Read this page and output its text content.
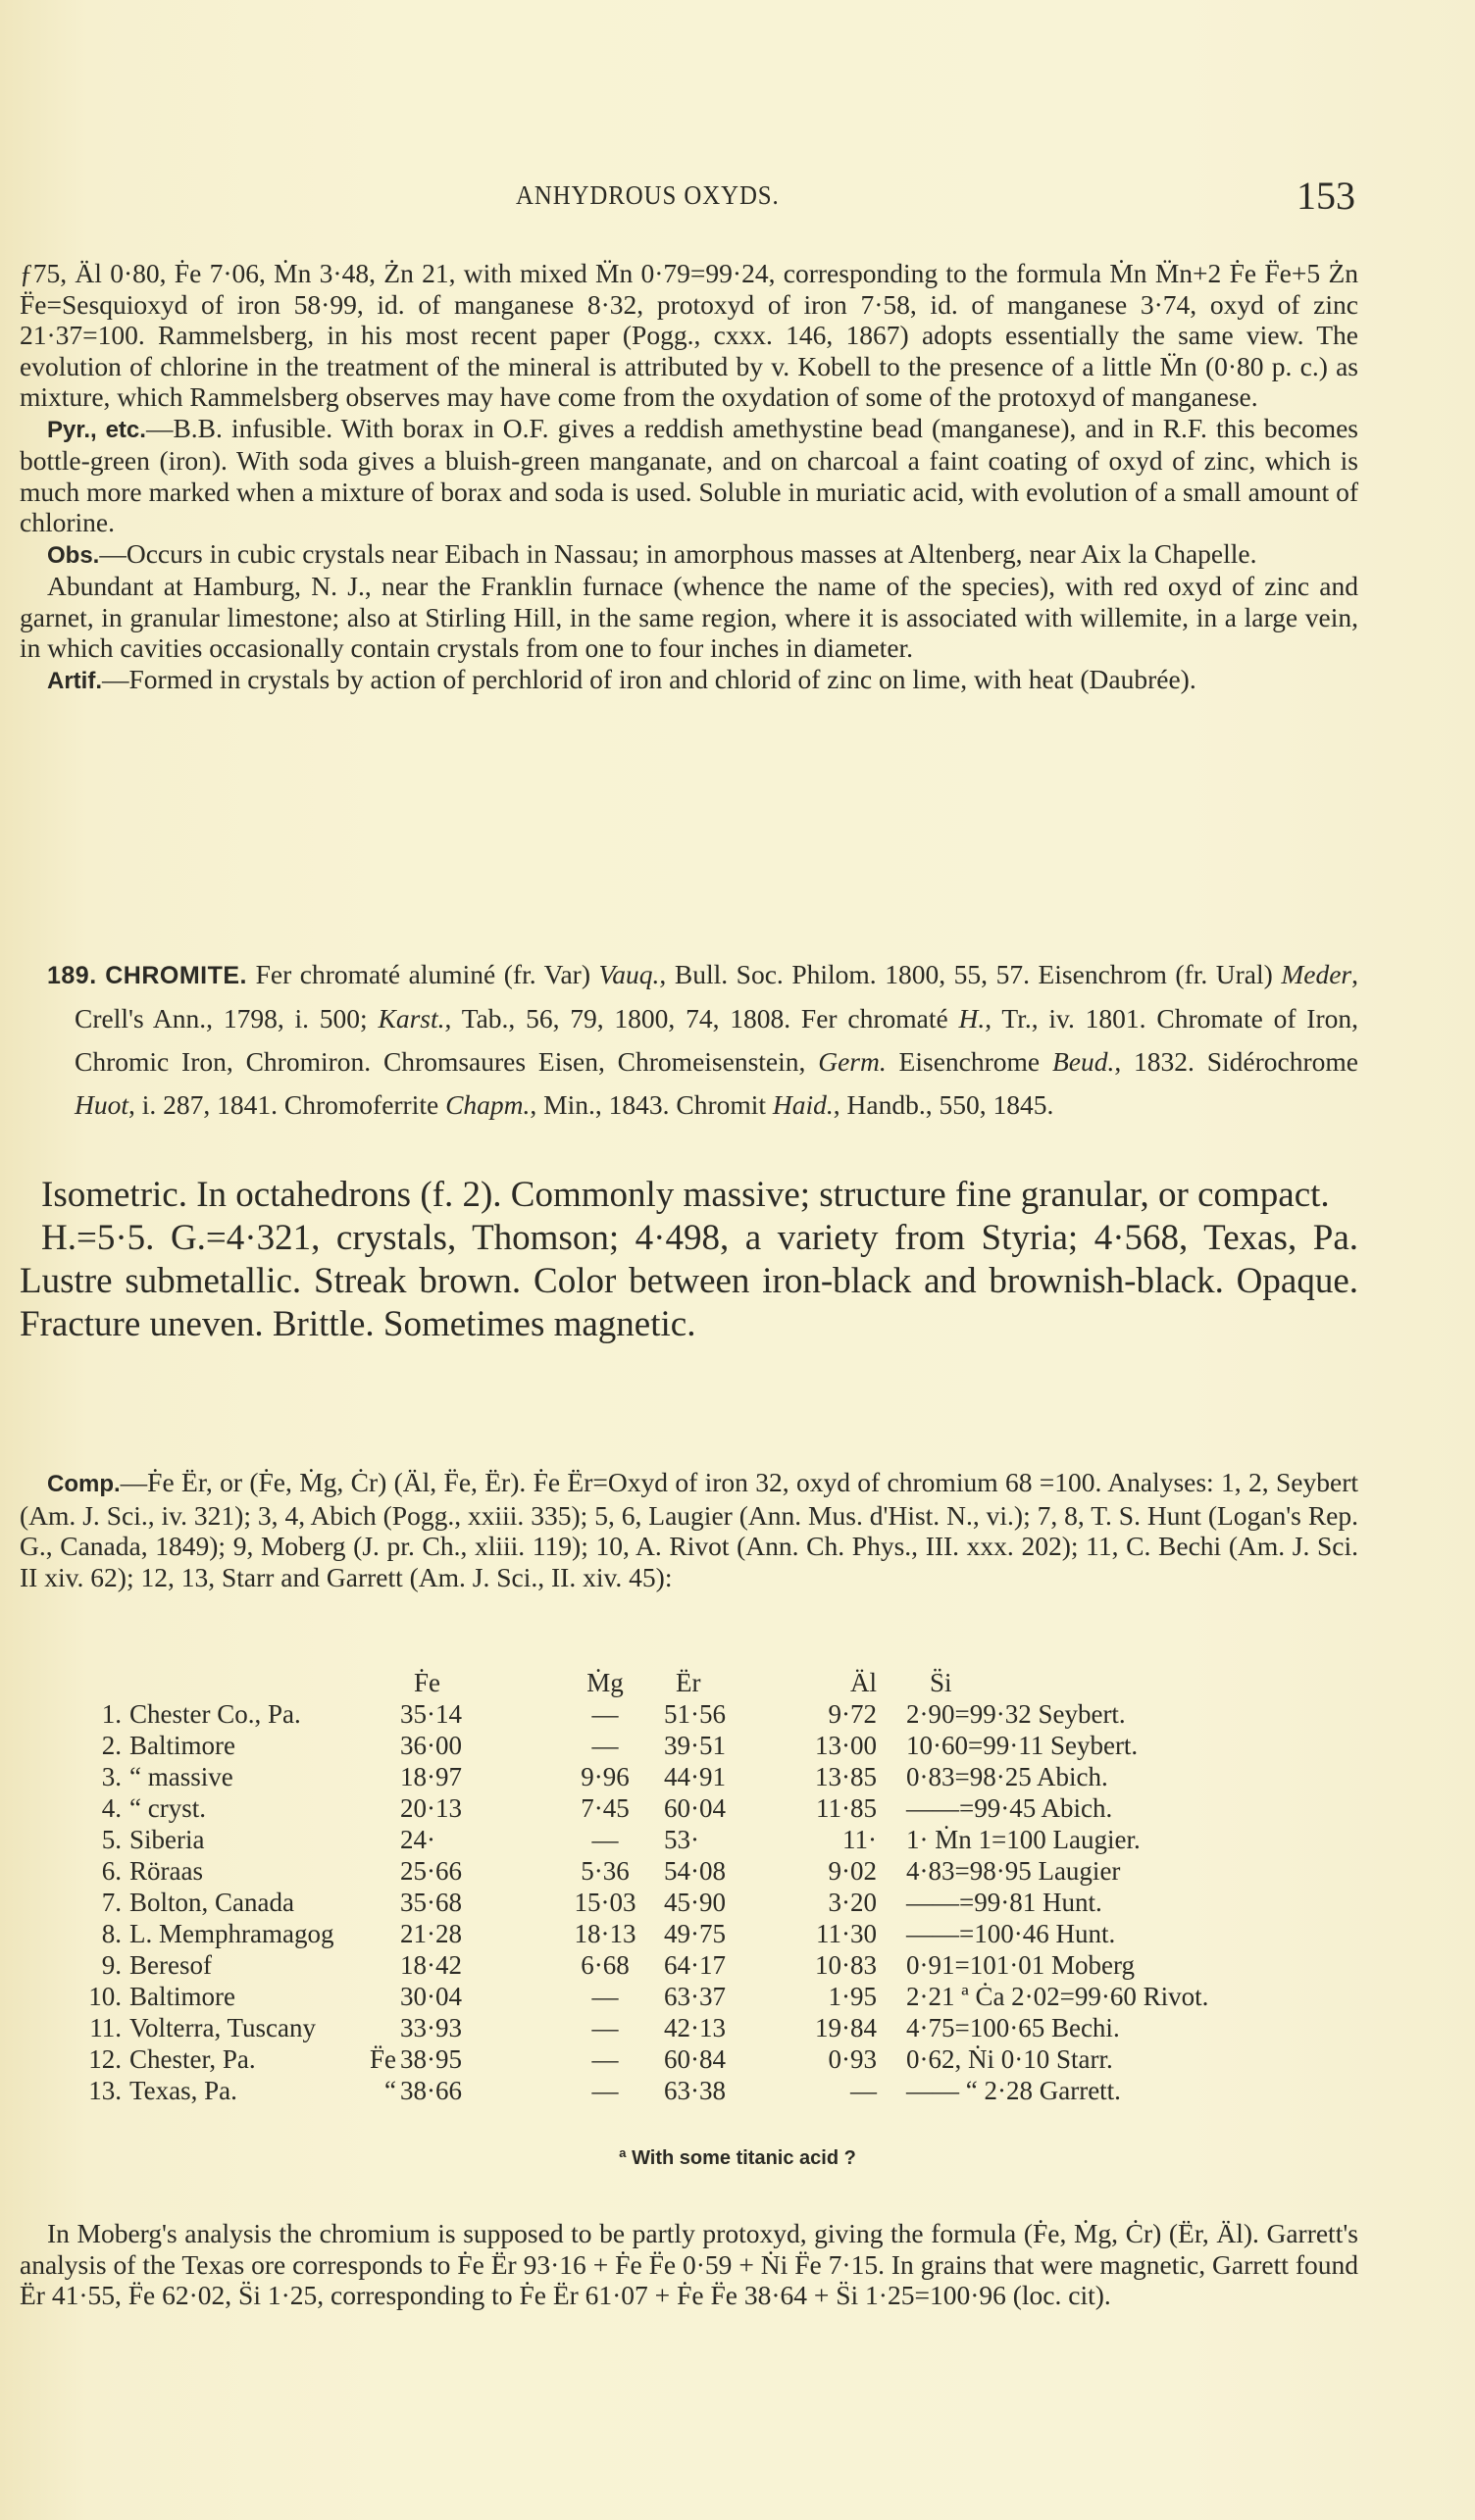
ANHYDROUS OXYDS.	153

ƒ75, Äl 0·80, Ḟe 7·06, Ṁn 3·48, Żn 21, with mixed M̈n 0·79=99·24, corresponding to the formula Ṁn M̈n+2 Ḟe F̈e+5 Żn F̈e=Sesquioxyd of iron 58·99, id. of manganese 8·32, protoxyd of iron 7·58, id. of manganese 3·74, oxyd of zinc 21·37=100. Rammelsberg, in his most recent paper (Pogg., cxxx. 146, 1867) adopts essentially the same view. The evolution of chlorine in the treatment of the mineral is attributed by v. Kobell to the presence of a little M̈n (0·80 p. c.) as mixture, which Rammelsberg observes may have come from the oxydation of some of the protoxyd of manganese.

Pyr., etc.—B.B. infusible. With borax in O.F. gives a reddish amethystine bead (manganese), and in R.F. this becomes bottle-green (iron). With soda gives a bluish-green manganate, and on charcoal a faint coating of oxyd of zinc, which is much more marked when a mixture of borax and soda is used. Soluble in muriatic acid, with evolution of a small amount of chlorine.

Obs.—Occurs in cubic crystals near Eibach in Nassau; in amorphous masses at Altenberg, near Aix la Chapelle.

Abundant at Hamburg, N. J., near the Franklin furnace (whence the name of the species), with red oxyd of zinc and garnet, in granular limestone; also at Stirling Hill, in the same region, where it is associated with willemite, in a large vein, in which cavities occasionally contain crystals from one to four inches in diameter.

Artif.—Formed in crystals by action of perchlorid of iron and chlorid of zinc on lime, with heat (Daubrée).

189. CHROMITE. Fer chromaté aluminé (fr. Var) Vauq., Bull. Soc. Philom. 1800, 55, 57. Eisenchrom (fr. Ural) Meder, Crell's Ann., 1798, i. 500; Karst., Tab., 56, 79, 1800, 74, 1808. Fer chromaté H., Tr., iv. 1801. Chromate of Iron, Chromic Iron, Chromiron. Chromsaures Eisen, Chromeisenstein, Germ. Eisenchrome Beud., 1832. Sidérochrome Huot, i. 287, 1841. Chromoferrite Chapm., Min., 1843. Chromit Haid., Handb., 550, 1845.

Isometric. In octahedrons (f. 2). Commonly massive; structure fine granular, or compact.

H.=5·5. G.=4·321, crystals, Thomson; 4·498, a variety from Styria; 4·568, Texas, Pa. Lustre submetallic. Streak brown. Color between iron-black and brownish-black. Opaque. Fracture uneven. Brittle. Sometimes magnetic.

Comp.—Ḟe Ër, or (Ḟe, Ṁg, Ċr) (Äl, F̈e, Ër). Ḟe Ër=Oxyd of iron 32, oxyd of chromium 68 =100. Analyses: 1, 2, Seybert (Am. J. Sci., iv. 321); 3, 4, Abich (Pogg., xxiii. 335); 5, 6, Laugier (Ann. Mus. d'Hist. N., vi.); 7, 8, T. S. Hunt (Logan's Rep. G., Canada, 1849); 9, Moberg (J. pr. Ch., xliii. 119); 10, A. Rivot (Ann. Ch. Phys., III. xxx. 202); 11, C. Bechi (Am. J. Sci. II xiv. 62); 12, 13, Starr and Garrett (Am. J. Sci., II. xiv. 45):

	Ḟe	Ṁg	Ër	Äl	S̈i
1. Chester Co., Pa.	35·14	—	51·56	9·72	2·90=99·32 Seybert.
2. Baltimore	36·00	—	39·51	13·00	10·60=99·11 Seybert.
3. “ massive	18·97	9·96	44·91	13·85	0·83=98·25 Abich.
4. “ cryst.	20·13	7·45	60·04	11·85	——=99·45 Abich.
5. Siberia	24·	—	53·	11·	1· Ṁn 1=100 Laugier.
6. Röraas	25·66	5·36	54·08	9·02	4·83=98·95 Laugier
7. Bolton, Canada	35·68	15·03	45·90	3·20	——=99·81 Hunt.
8. L. Memphramagog	21·28	18·13	49·75	11·30	——=100·46 Hunt.
9. Beresof	18·42	6·68	64·17	10·83	0·91=101·01 Moberg
10. Baltimore	30·04	—	63·37	1·95	2·21 ª Ċa 2·02=99·60 Rivot.
11. Volterra, Tuscany	33·93	—	42·13	19·84	4·75=100·65 Bechi.
12. Chester, Pa.	F̈e 38·95	—	60·84	0·93	0·62, Ṅi 0·10 Starr.
13. Texas, Pa.	“ 38·66	—	63·38	—	—— “ 2·28 Garrett.
ª With some titanic acid ?

In Moberg's analysis the chromium is supposed to be partly protoxyd, giving the formula (Ḟe, Ṁg, Ċr) (Ër, Äl). Garrett's analysis of the Texas ore corresponds to Ḟe Ër 93·16 + Ḟe F̈e 0·59 + Ṅi F̈e 7·15. In grains that were magnetic, Garrett found Ër 41·55, F̈e 62·02, S̈i 1·25, corresponding to Ḟe Ër 61·07 + Ḟe F̈e 38·64 + S̈i 1·25=100·96 (loc. cit).
